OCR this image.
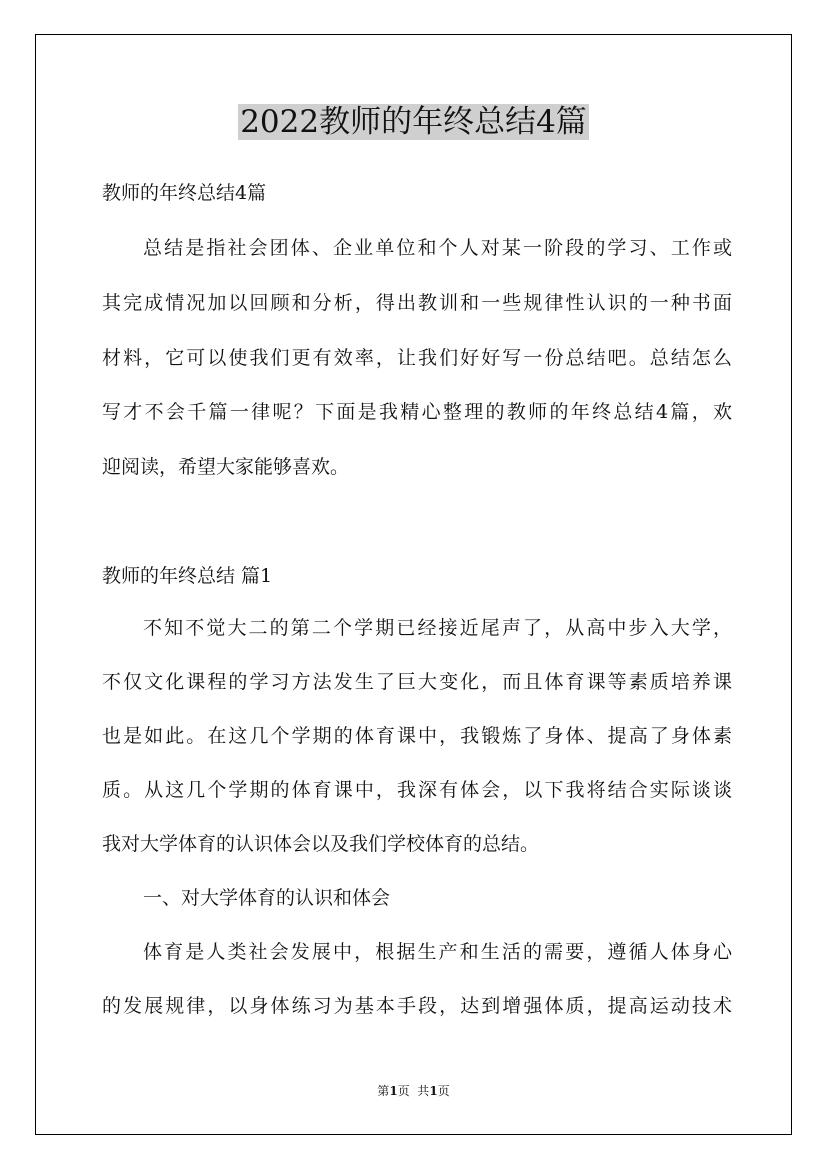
2022教师的年终总结4篇

教师的年终总结4篇

总结是指社会团体、企业单位和个人对某一阶段的学习、工作或

其完成情况加以回顾和分析，得出教训和一些规律性认识的一种书面

材料，它可以使我们更有效率，让我们好好写一份总结吧。总结怎么

写才不会千篇一律呢？下面是我精心整理的教师的年终总结4篇，欢

迎阅读，希望大家能够喜欢。

教师的年终总结 篇1

不知不觉大二的第二个学期已经接近尾声了，从高中步入大学，

不仅文化课程的学习方法发生了巨大变化，而且体育课等素质培养课

也是如此。在这几个学期的体育课中，我锻炼了身体、提高了身体素

质。从这几个学期的体育课中，我深有体会，以下我将结合实际谈谈

我对大学体育的认识体会以及我们学校体育的总结。

一、对大学体育的认识和体会

体育是人类社会发展中，根据生产和生活的需要，遵循人体身心

的发展规律，以身体练习为基本手段，达到增强体质，提高运动技术

第1页  共1页
